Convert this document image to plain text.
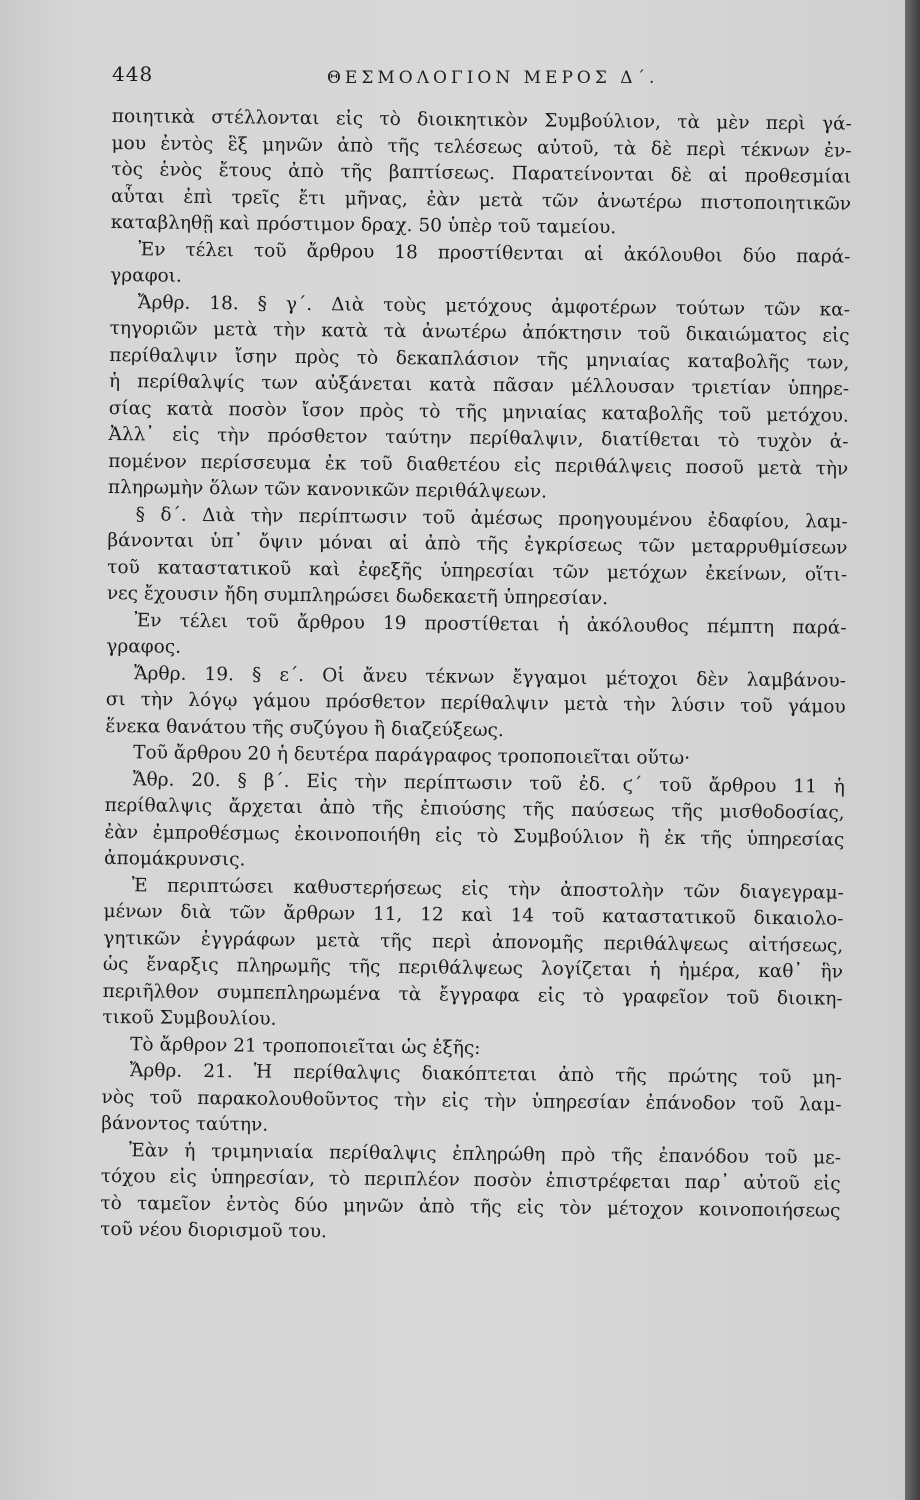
448	ΘΕΣΜΟΛΟΓΙΟΝ ΜΕΡΟΣ Δ΄.
ποιητικὰ στέλλονται εἰς τὸ διοικητικὸν Συμβούλιον, τὰ μὲν περὶ γά-
μου ἐντὸς ἓξ μηνῶν ἀπὸ τῆς τελέσεως αὐτοῦ, τὰ δὲ περὶ τέκνων ἐν-
τὸς ἑνὸς ἔτους ἀπὸ τῆς βαπτίσεως. Παρατείνονται δὲ αἱ προθεσμίαι
αὗται ἐπὶ τρεῖς ἔτι μῆνας, ἐὰν μετὰ τῶν ἀνωτέρω πιστοποιητικῶν
καταβληθῇ καὶ πρόστιμον δραχ. 50 ὑπὲρ τοῦ ταμείου.
Ἐν τέλει τοῦ ἄρθρου 18 προστίθενται αἱ ἀκόλουθοι δύο παρά-
γραφοι.
Ἄρθρ. 18. § γ΄. Διὰ τοὺς μετόχους ἀμφοτέρων τούτων τῶν κα-
τηγοριῶν μετὰ τὴν κατὰ τὰ ἀνωτέρω ἀπόκτησιν τοῦ δικαιώματος εἰς
περίθαλψιν ἴσην πρὸς τὸ δεκαπλάσιον τῆς μηνιαίας καταβολῆς των,
ἡ περίθαλψίς των αὐξάνεται κατὰ πᾶσαν μέλλουσαν τριετίαν ὑπηρε-
σίας κατὰ ποσὸν ἴσον πρὸς τὸ τῆς μηνιαίας καταβολῆς τοῦ μετόχου.
Ἀλλ᾽ εἰς τὴν πρόσθετον ταύτην περίθαλψιν, διατίθεται τὸ τυχὸν ἀ-
πομένον περίσσευμα ἐκ τοῦ διαθετέου εἰς περιθάλψεις ποσοῦ μετὰ τὴν
πληρωμὴν ὅλων τῶν κανονικῶν περιθάλψεων.
§ δ΄. Διὰ τὴν περίπτωσιν τοῦ ἀμέσως προηγουμένου ἐδαφίου, λαμ-
βάνονται ὑπ᾽ ὄψιν μόναι αἱ ἀπὸ τῆς ἐγκρίσεως τῶν μεταρρυθμίσεων
τοῦ καταστατικοῦ καὶ ἐφεξῆς ὑπηρεσίαι τῶν μετόχων ἐκείνων, οἵτι-
νες ἔχουσιν ἤδη συμπληρώσει δωδεκαετῆ ὑπηρεσίαν.
Ἐν τέλει τοῦ ἄρθρου 19 προστίθεται ἡ ἀκόλουθος πέμπτη παρά-
γραφος.
Ἄρθρ. 19. § ε΄. Οἱ ἄνευ τέκνων ἔγγαμοι μέτοχοι δὲν λαμβάνου-
σι τὴν λόγῳ γάμου πρόσθετον περίθαλψιν μετὰ τὴν λύσιν τοῦ γάμου
ἕνεκα θανάτου τῆς συζύγου ἢ διαζεύξεως.
Τοῦ ἄρθρου 20 ἡ δευτέρα παράγραφος τροποποιεῖται οὕτω·
Ἄθρ. 20. § β΄. Εἰς τὴν περίπτωσιν τοῦ ἐδ. ϛ΄ τοῦ ἄρθρου 11 ἡ
περίθαλψις ἄρχεται ἀπὸ τῆς ἐπιούσης τῆς παύσεως τῆς μισθοδοσίας,
ἐὰν ἐμπροθέσμως ἐκοινοποιήθη εἰς τὸ Συμβούλιον ἢ ἐκ τῆς ὑπηρεσίας
ἀπομάκρυνσις.
Ἐ περιπτώσει καθυστερήσεως εἰς τὴν ἀποστολὴν τῶν διαγεγραμ-
μένων διὰ τῶν ἄρθρων 11, 12 καὶ 14 τοῦ καταστατικοῦ δικαιολο-
γητικῶν ἐγγράφων μετὰ τῆς περὶ ἀπονομῆς περιθάλψεως αἰτήσεως,
ὡς ἔναρξις πληρωμῆς τῆς περιθάλψεως λογίζεται ἡ ἡμέρα, καθ᾽ ἣν
περιῆλθον συμπεπληρωμένα τὰ ἔγγραφα εἰς τὸ γραφεῖον τοῦ διοικη-
τικοῦ Συμβουλίου.
Τὸ ἄρθρον 21 τροποποιεῖται ὡς ἑξῆς:
Ἄρθρ. 21. Ἡ περίθαλψις διακόπτεται ἀπὸ τῆς πρώτης τοῦ μη-
νὸς τοῦ παρακολουθοῦντος τὴν εἰς τὴν ὑπηρεσίαν ἐπάνοδον τοῦ λαμ-
βάνοντος ταύτην.
Ἐὰν ἡ τριμηνιαία περίθαλψις ἐπληρώθη πρὸ τῆς ἐπανόδου τοῦ με-
τόχου εἰς ὑπηρεσίαν, τὸ περιπλέον ποσὸν ἐπιστρέφεται παρ᾽ αὐτοῦ εἰς
τὸ ταμεῖον ἐντὸς δύο μηνῶν ἀπὸ τῆς εἰς τὸν μέτοχον κοινοποιήσεως
τοῦ νέου διορισμοῦ του.
